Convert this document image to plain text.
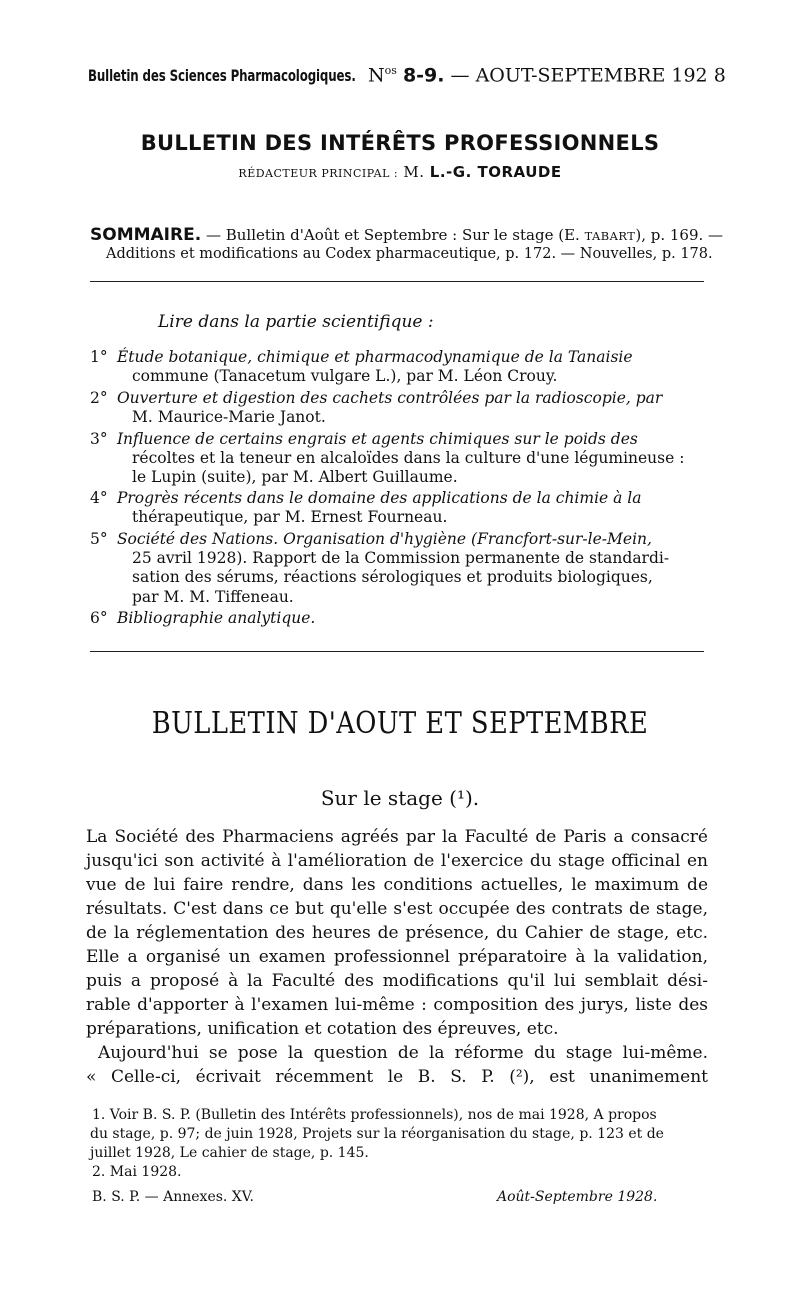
Bulletin des Sciences Pharmacologiques. $N^{os}$ 8-9. — AOUT-SEPTEMBRE 192 8
BULLETIN DES INTÉRÊTS PROFESSIONNELS
RÉDACTEUR PRINCIPAL : M. L.-G. TORAUDE
SOMMAIRE. — Bulletin d'Août et Septembre : Sur le stage (E. TABART), p. 169. —
Additions et modifications au Codex pharmaceutique, p. 172. — Nouvelles, p. 178.
Lire dans la partie scientifique :
1° Étude botanique, chimique et pharmacodynamique de la Tanaisie
commune (Tanacetum vulgare L.), par M. Léon Crouy.
2° Ouverture et digestion des cachets contrôlées par la radioscopie, par
M. Maurice-Marie Janot.
3° Influence de certains engrais et agents chimiques sur le poids des
récoltes et la teneur en alcaloïdes dans la culture d'une légumineuse :
le Lupin (suite), par M. Albert Guillaume.
4° Progrès récents dans le domaine des applications de la chimie à la
thérapeutique, par M. Ernest Fourneau.
5° Société des Nations. Organisation d'hygiène (Francfort-sur-le-Mein,
25 avril 1928). Rapport de la Commission permanente de standardi-
sation des sérums, réactions sérologiques et produits biologiques,
par M. M. Tiffeneau.
6° Bibliographie analytique.
BULLETIN D'AOUT ET SEPTEMBRE
Sur le stage (¹).
La Société des Pharmaciens agréés par la Faculté de Paris a consacré
jusqu'ici son activité à l'amélioration de l'exercice du stage officinal en
vue de lui faire rendre, dans les conditions actuelles, le maximum de
résultats. C'est dans ce but qu'elle s'est occupée des contrats de stage,
de la réglementation des heures de présence, du Cahier de stage, etc.
Elle a organisé un examen professionnel préparatoire à la validation,
puis a proposé à la Faculté des modifications qu'il lui semblait dési-
rable d'apporter à l'examen lui-même : composition des jurys, liste des
préparations, unification et cotation des épreuves, etc.
Aujourd'hui se pose la question de la réforme du stage lui-même.
« Celle-ci, écrivait récemment le B. S. P. (²), est unanimement
1. Voir B. S. P. (Bulletin des Intérêts professionnels), nos de mai 1928, A propos
du stage, p. 97; de juin 1928, Projets sur la réorganisation du stage, p. 123 et de
juillet 1928, Le cahier de stage, p. 145.
2. Mai 1928.
B. S. P. — Annexes. XV.	Août-Septembre 1928.
